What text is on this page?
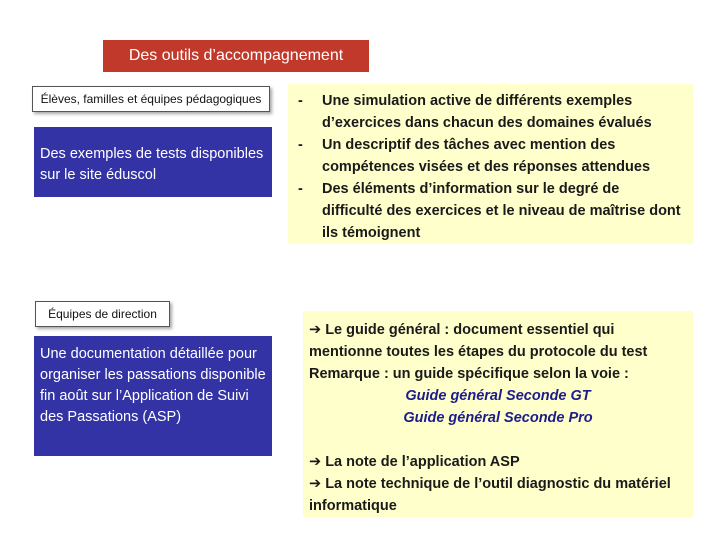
Des outils d’accompagnement
Élèves, familles et équipes pédagogiques
Des exemples de tests disponibles sur le site éduscol
Équipes de direction
Une documentation détaillée pour organiser les passations disponible fin août sur l’Application de Suivi des Passations (ASP)
- Une simulation active de différents exemples d’exercices dans chacun des domaines évalués
- Un descriptif des tâches avec mention des compétences visées et des réponses attendues
- Des éléments d’information sur le degré de difficulté des exercices et le niveau de maîtrise dont ils témoignent
➔ Le guide général : document essentiel qui mentionne toutes les étapes du protocole du test
Remarque : un guide spécifique selon la voie :
Guide général Seconde GT
Guide général Seconde Pro
➔ La note de l’application ASP
➔ La note technique de l’outil diagnostic du matériel informatique
